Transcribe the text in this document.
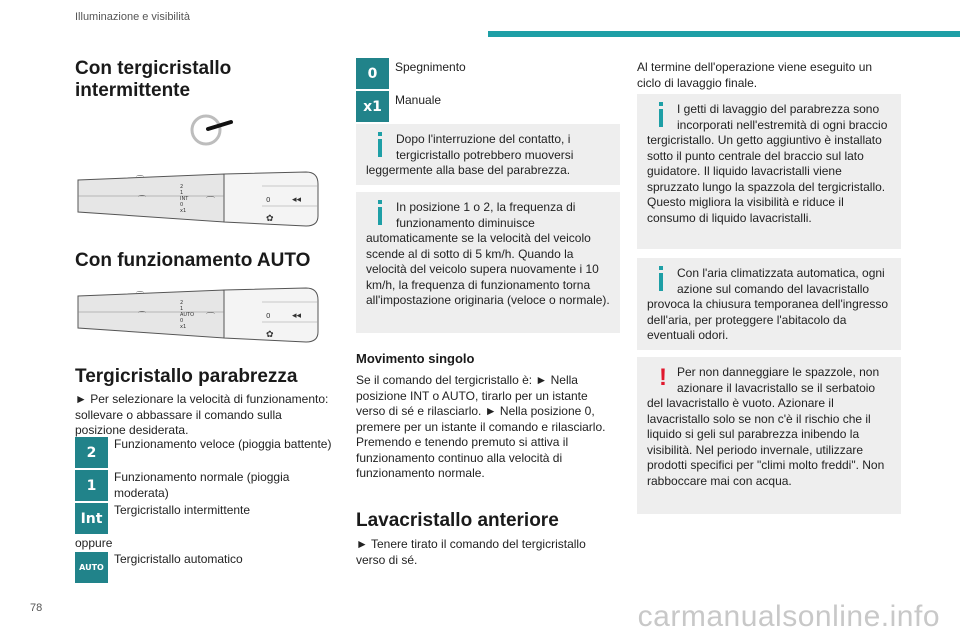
Illuminazione e visibilità
Con tergicristallo intermittente
⌒
⌒
2
1
INT
0
x1
⌒	0 ◂◂
✿
Con funzionamento AUTO
⌒
⌒
2
1
AUTO
0
x1
⌒	0 ◂◂
✿
Tergicristallo parabrezza
► Per selezionare la velocità di funzionamento: sollevare o abbassare il comando sulla posizione desiderata.
2
Funzionamento veloce (pioggia battente)
1
Funzionamento normale (pioggia moderata)
Int
Tergicristallo intermittente
oppure
AUTO
Tergicristallo automatico
0	Spegnimento
x1	Manuale
Dopo l'interruzione del contatto, i tergicristallo potrebbero muoversi leggermente alla base del parabrezza.
In posizione 1 o 2, la frequenza di funzionamento diminuisce automaticamente se la velocità del veicolo scende al di sotto di 5 km/h. Quando la velocità del veicolo supera nuovamente i 10 km/h, la frequenza di funzionamento torna all'impostazione originaria (veloce o normale).
Movimento singolo
Se il comando del tergicristallo è: ► Nella posizione INT o AUTO, tirarlo per un istante verso di sé e rilasciarlo. ► Nella posizione 0, premere per un istante il comando e rilasciarlo. Premendo e tenendo premuto si attiva il funzionamento continuo alla velocità di funzionamento normale.
Lavacristallo anteriore
► Tenere tirato il comando del tergicristallo verso di sé.
Al termine dell'operazione viene eseguito un ciclo di lavaggio finale.
I getti di lavaggio del parabrezza sono incorporati nell'estremità di ogni braccio tergicristallo. Un getto aggiuntivo è installato sotto il punto centrale del braccio sul lato guidatore. Il liquido lavacristalli viene spruzzato lungo la spazzola del tergicristallo. Questo migliora la visibilità e riduce il consumo di liquido lavacristalli.
Con l'aria climatizzata automatica, ogni azione sul comando del lavacristallo provoca la chiusura temporanea dell'ingresso dell'aria, per proteggere l'abitacolo da eventuali odori.
! Per non danneggiare le spazzole, non azionare il lavacristallo se il serbatoio del lavacristallo è vuoto. Azionare il lavacristallo solo se non c'è il rischio che il liquido si geli sul parabrezza inibendo la visibilità. Nel periodo invernale, utilizzare prodotti specifici per "climi molto freddi". Non rabboccare mai con acqua.
78	carmanualsonline.info
